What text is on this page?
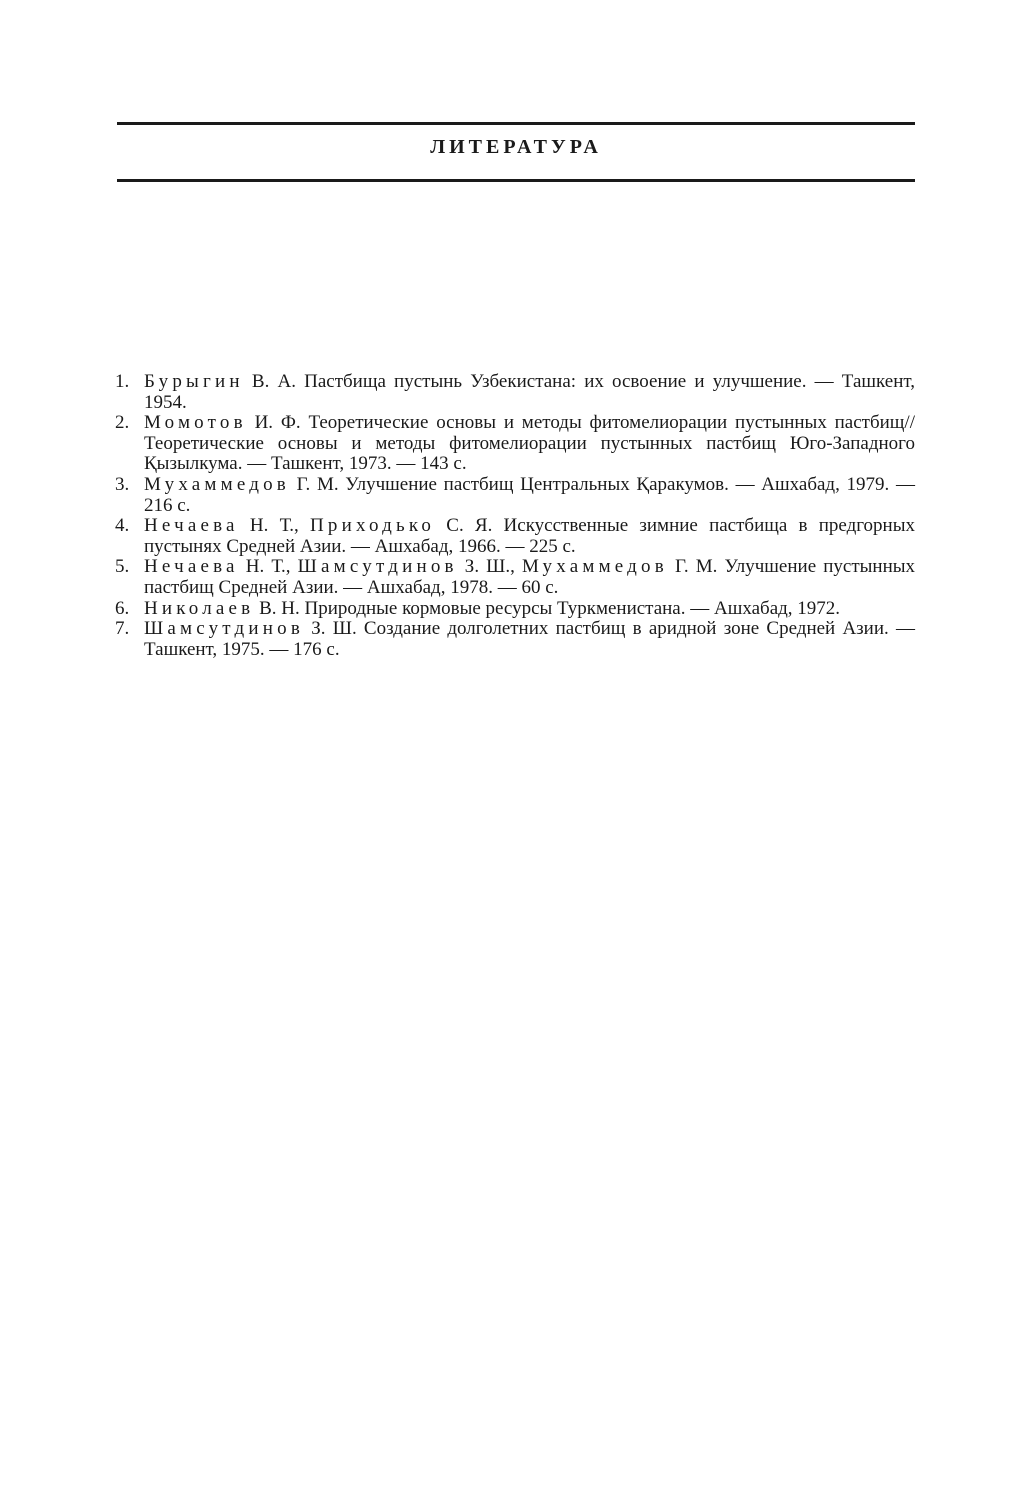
ЛИТЕРАТУРА
1. Бурыгин В. А. Пастбища пустынь Узбекистана: их освоение и улучшение. — Ташкент, 1954.
2. Момотов И. Ф. Теоретические основы и методы фитомелиорации пустынных пастбищ//Теоретические основы и методы фитомелиорации пустынных пастбищ Юго-Западного Қызылкума. — Ташкент, 1973. — 143 с.
3. Мухаммедов Г. М. Улучшение пастбищ Центральных Қаракумов. — Ашхабад, 1979. — 216 с.
4. Нечаева Н. Т., Приходько С. Я. Искусственные зимние пастбища в предгорных пустынях Средней Азии. — Ашхабад, 1966. — 225 с.
5. Нечаева Н. Т., Шамсутдинов З. Ш., Мухаммедов Г. М. Улучшение пустынных пастбищ Средней Азии. — Ашхабад, 1978. — 60 с.
6. Николаев В. Н. Природные кормовые ресурсы Туркменистана. — Ашхабад, 1972.
7. Шамсутдинов З. Ш. Создание долголетних пастбищ в аридной зоне Средней Азии. — Ташкент, 1975. — 176 с.
